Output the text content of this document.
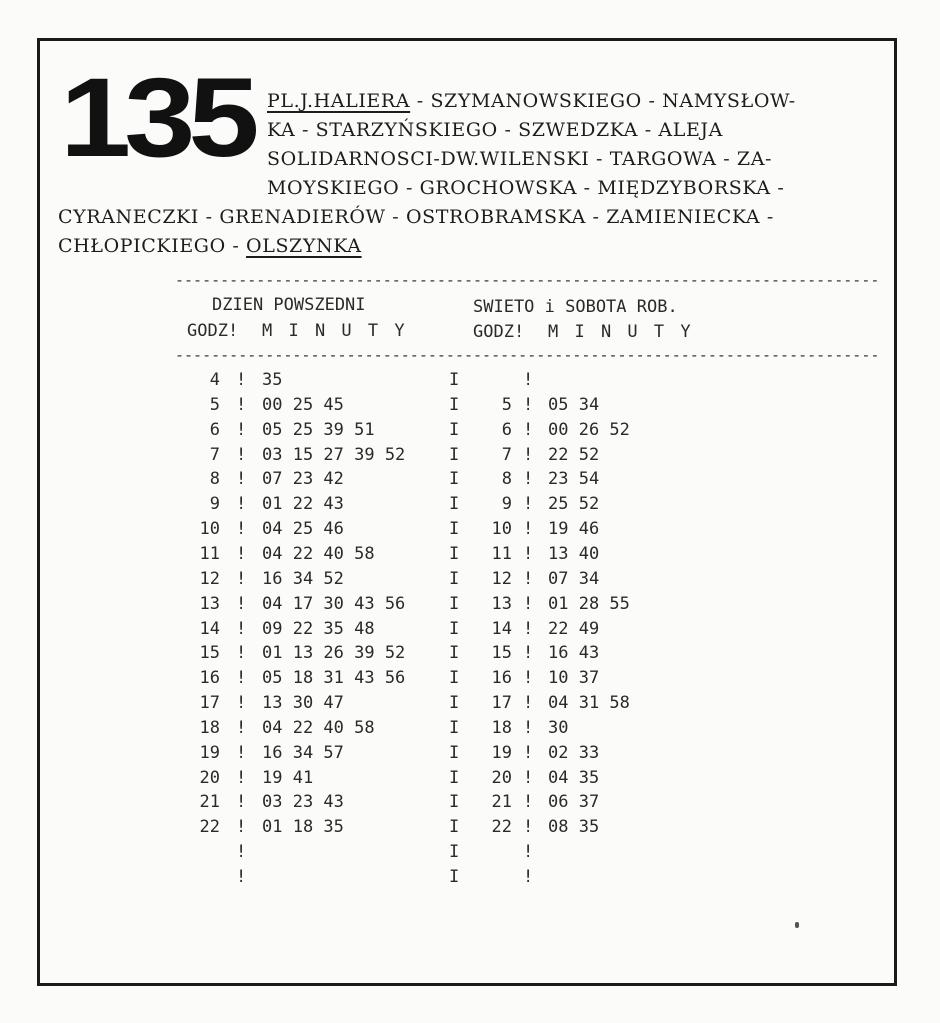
135 PL.J.HALIERA - SZYMANOWSKIEGO - NAMYSŁOW-
KA - STARZYŃSKIEGO - SZWEDZKA - ALEJA
SOLIDARNOSCI-DW.WILENSKI - TARGOWA - ZA-
MOYSKIEGO - GROCHOWSKA - MIĘDZYBORSKA -
CYRANECZKI - GRENADIERÓW - OSTROBRAMSKA - ZAMIENIECKA -
CHŁOPICKIEGO - OLSZYNKA
------------------------------------------------------------------------------
DZIEN POWSZEDNI
GODZ! M I N U T Y
SWIETO i SOBOTA ROB.
GODZ! M I N U T Y
------------------------------------------------------------------------------
4 ! 35	I	!
5 ! 00 25 45	I	5 ! 05 34
6 ! 05 25 39 51	I	6 ! 00 26 52
7 ! 03 15 27 39 52	I	7 ! 22 52
8 ! 07 23 42	I	8 ! 23 54
9 ! 01 22 43	I	9 ! 25 52
10 ! 04 25 46	I	10 ! 19 46
11 ! 04 22 40 58	I	11 ! 13 40
12 ! 16 34 52	I	12 ! 07 34
13 ! 04 17 30 43 56	I	13 ! 01 28 55
14 ! 09 22 35 48	I	14 ! 22 49
15 ! 01 13 26 39 52	I	15 ! 16 43
16 ! 05 18 31 43 56	I	16 ! 10 37
17 ! 13 30 47	I	17 ! 04 31 58
18 ! 04 22 40 58	I	18 ! 30
19 ! 16 34 57	I	19 ! 02 33
20 ! 19 41	I	20 ! 04 35
21 ! 03 23 43	I	21 ! 06 37
22 ! 01 18 35	I	22 ! 08 35
!	I	!
!	I	!
